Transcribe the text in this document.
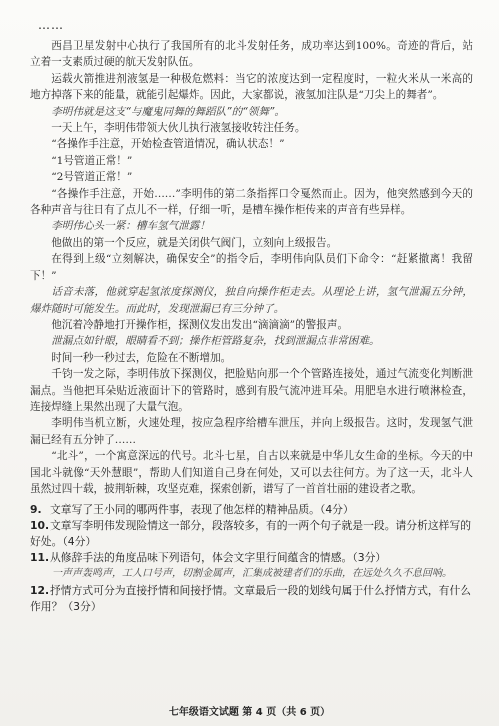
……

西昌卫星发射中心执行了我国所有的北斗发射任务，成功率达到100%。奇迹的背后，站立着一支素质过硬的航天发射队伍。

运载火箭推进剂液氢是一种极危燃料：当它的浓度达到一定程度时，一粒火米从一米高的地方掉落下来的能量，就能引起爆炸。因此，大家都说，液氢加注队是“刀尖上的舞者”。

李明伟就是这支“与魔鬼同舞的舞蹈队”的“领舞”。

一天上午，李明伟带领大伙儿执行液氢接收转注任务。

“各操作手注意，开始检查管道情况，确认状态！”

“1号管道正常！”

“2号管道正常！”

“各操作手注意，开始……”李明伟的第二条指挥口令戛然而止。因为，他突然感到今天的各种声音与往日有了点儿不一样，仔细一听，是槽车操作柜传来的声音有些异样。

李明伟心头一紧：槽车氢气泄露！

他做出的第一个反应，就是关闭供气阀门，立刻向上级报告。

在得到上级“立刻解决，确保安全”的指令后，李明伟向队员们下命令：“赶紧撤离！我留下！”

话音未落，他就穿起氢浓度探测仪，独自向操作柜走去。从理论上讲，氢气泄漏五分钟，爆炸随时可能发生。而此时，发现泄漏已有三分钟了。

他沉着冷静地打开操作柜，探测仪发出发出“滴滴滴”的警报声。

泄漏点如针眼，眼睛看不到；操作柜管路复杂，找到泄漏点非常困难。

时间一秒一秒过去，危险在不断增加。

千钧一发之际，李明伟放下探测仪，把脸贴向那一个个管路连接处，通过气流变化判断泄漏点。当他把耳朵贴近液面计下的管路时，感到有股气流冲进耳朵。用肥皂水进行喷淋检查，连接焊缝上果然出现了大量气泡。

李明伟当机立断，火速处理，按应急程序给槽车泄压，并向上级报告。这时，发现氢气泄漏已经有五分钟了……

“北斗”，一个寓意深远的代号。北斗七星，自古以来就是中华儿女生命的坐标。今天的中国北斗就像“天外慧眼”，帮助人们知道自己身在何处，又可以去往何方。为了这一天，北斗人虽然过四十载，披荆斩棘，攻坚克难，探索创新，谱写了一首首壮丽的建设者之歌。

9. 文章写了王小同的哪两件事，表现了他怎样的精神品质。（4分）

10.文章写李明伟发现险情这一部分，段落较多，有的一两个句子就是一段。请分析这样写的好处。（4分）

11.从修辞手法的角度品味下列语句，体会文字里行间蕴含的情感。（3分）

一声声轰鸣声，工人口号声，切割金属声，汇集成被建者们的乐曲，在远处久久不息回响。

12.抒情方式可分为直接抒情和间接抒情。文章最后一段的划线句属于什么抒情方式，有什么作用？（3分）

七年级语文试题 第 4 页（共 6 页）
